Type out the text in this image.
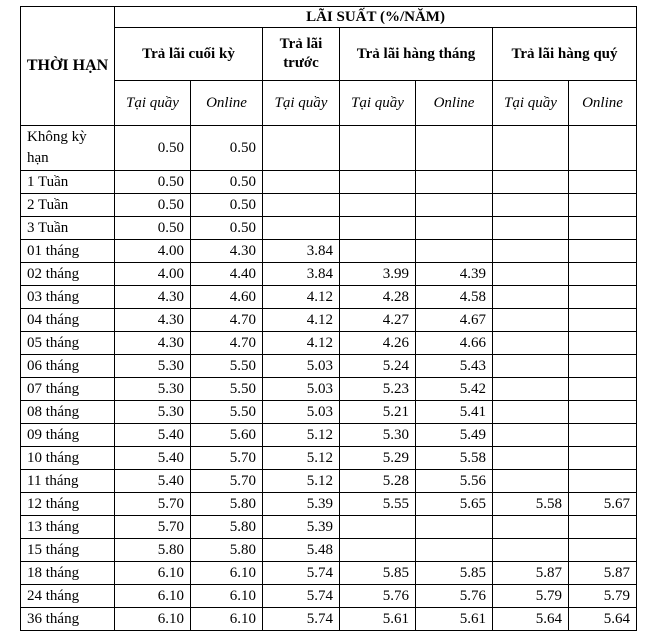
THỜI HẠN	LÃI SUẤT (%/NĂM)						
	Trả lãi cuối kỳ		Trả lãi trước	Trả lãi hàng tháng		Trả lãi hàng quý	
	Tại quầy	Online	Tại quầy	Tại quầy	Online	Tại quầy	Online
Không kỳ hạn	0.50	0.50					
1 Tuần	0.50	0.50					
2 Tuần	0.50	0.50					
3 Tuần	0.50	0.50					
01 tháng	4.00	4.30	3.84				
02 tháng	4.00	4.40	3.84	3.99	4.39		
03 tháng	4.30	4.60	4.12	4.28	4.58		
04 tháng	4.30	4.70	4.12	4.27	4.67		
05 tháng	4.30	4.70	4.12	4.26	4.66		
06 tháng	5.30	5.50	5.03	5.24	5.43		
07 tháng	5.30	5.50	5.03	5.23	5.42		
08 tháng	5.30	5.50	5.03	5.21	5.41		
09 tháng	5.40	5.60	5.12	5.30	5.49		
10 tháng	5.40	5.70	5.12	5.29	5.58		
11 tháng	5.40	5.70	5.12	5.28	5.56		
12 tháng	5.70	5.80	5.39	5.55	5.65	5.58	5.67
13 tháng	5.70	5.80	5.39				
15 tháng	5.80	5.80	5.48				
18 tháng	6.10	6.10	5.74	5.85	5.85	5.87	5.87
24 tháng	6.10	6.10	5.74	5.76	5.76	5.79	5.79
36 tháng	6.10	6.10	5.74	5.61	5.61	5.64	5.64
